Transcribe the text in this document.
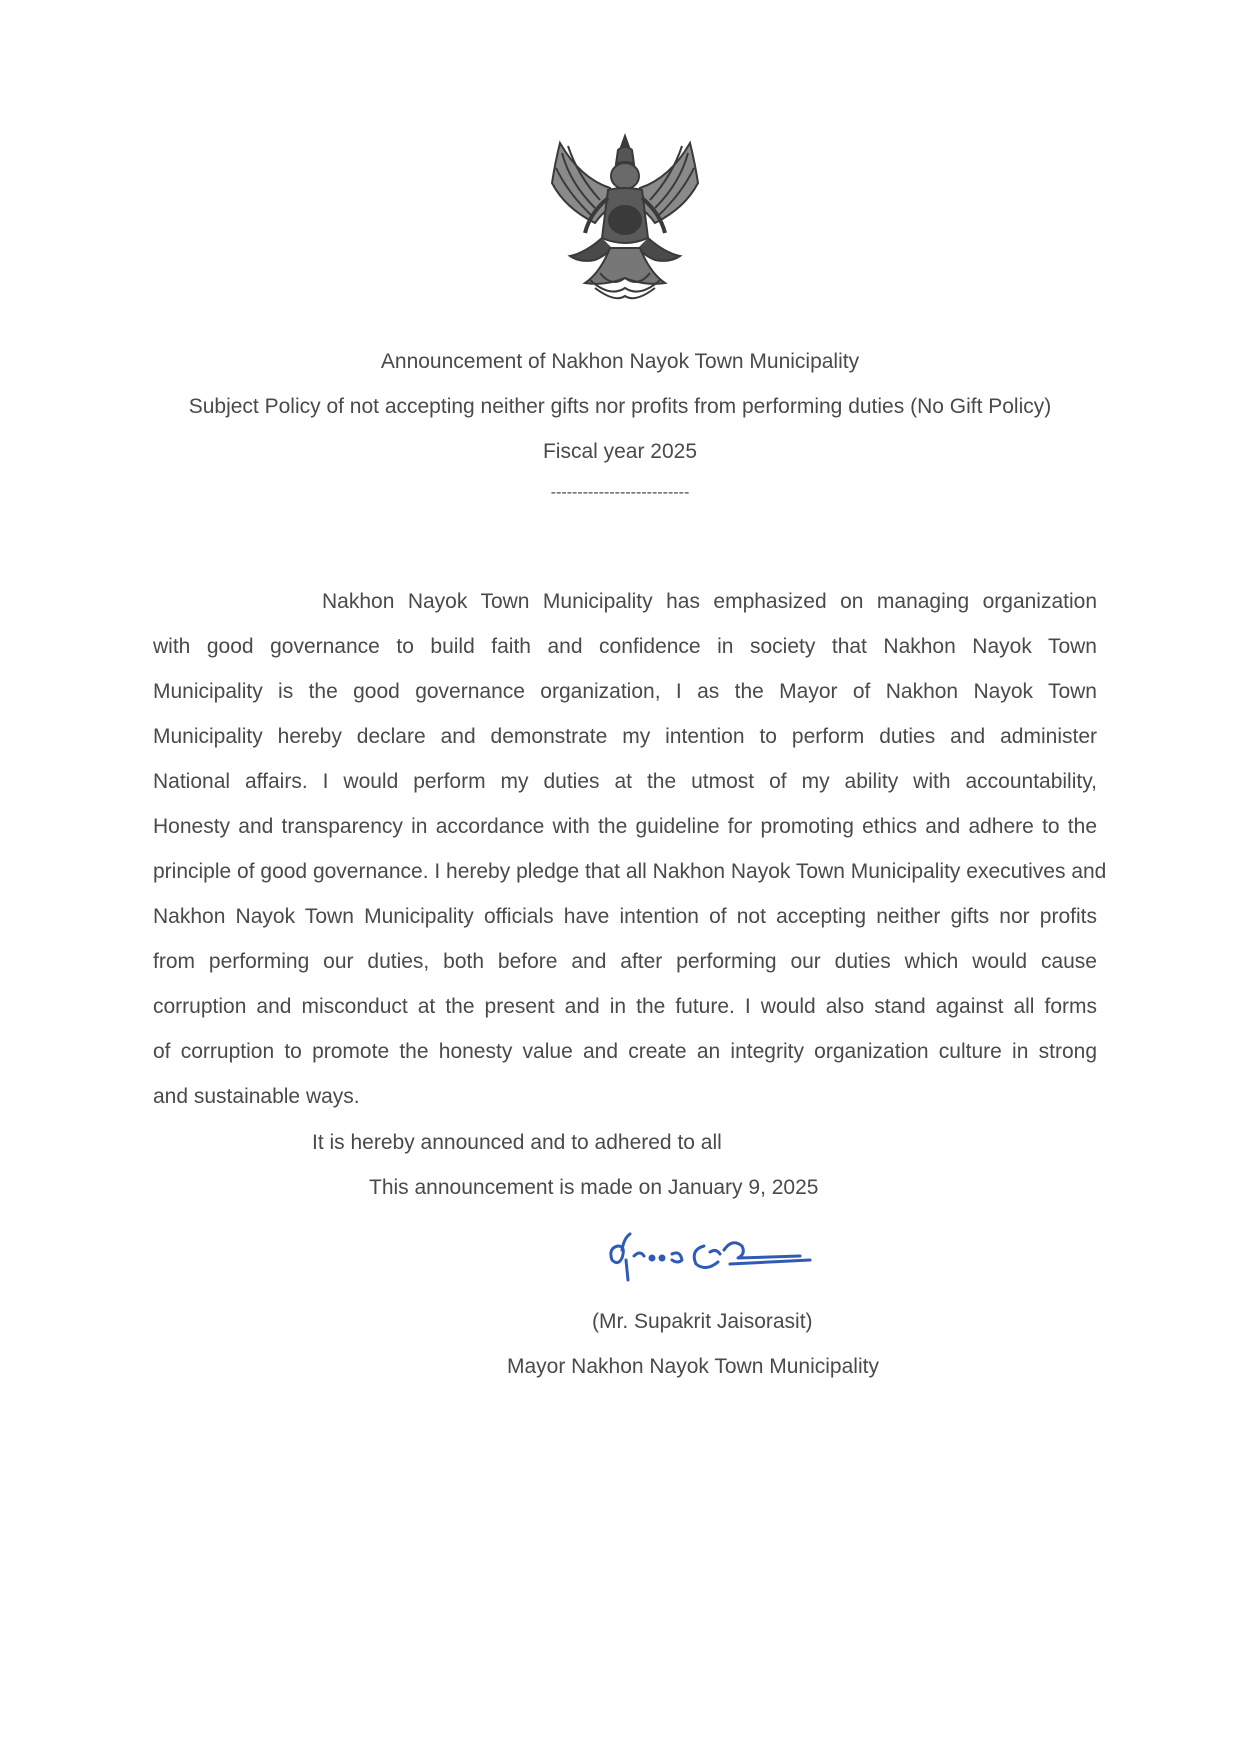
Announcement of Nakhon Nayok Town Municipality
Subject Policy of not accepting neither gifts nor profits from performing duties (No Gift Policy)
Fiscal year 2025
--------------------------
Nakhon Nayok Town Municipality has emphasized on managing organization
with good governance to build faith and confidence in society that Nakhon Nayok Town
Municipality is the good governance organization, I as the Mayor of Nakhon Nayok Town
Municipality hereby declare and demonstrate my intention to perform duties and administer
National affairs. I would perform my duties at the utmost of my ability with accountability,
Honesty and transparency in accordance with the guideline for promoting ethics and adhere to the
principle of good governance. I hereby pledge that all Nakhon Nayok Town Municipality executives and
Nakhon Nayok Town Municipality officials have intention of not accepting neither gifts nor profits
from performing our duties, both before and after performing our duties which would cause
corruption and misconduct at the present and in the future. I would also stand against all forms
of corruption to promote the honesty value and create an integrity organization culture in strong
and sustainable ways.
It is hereby announced and to adhered to all
This announcement is made on January 9, 2025
(Mr. Supakrit Jaisorasit)
Mayor Nakhon Nayok Town Municipality
